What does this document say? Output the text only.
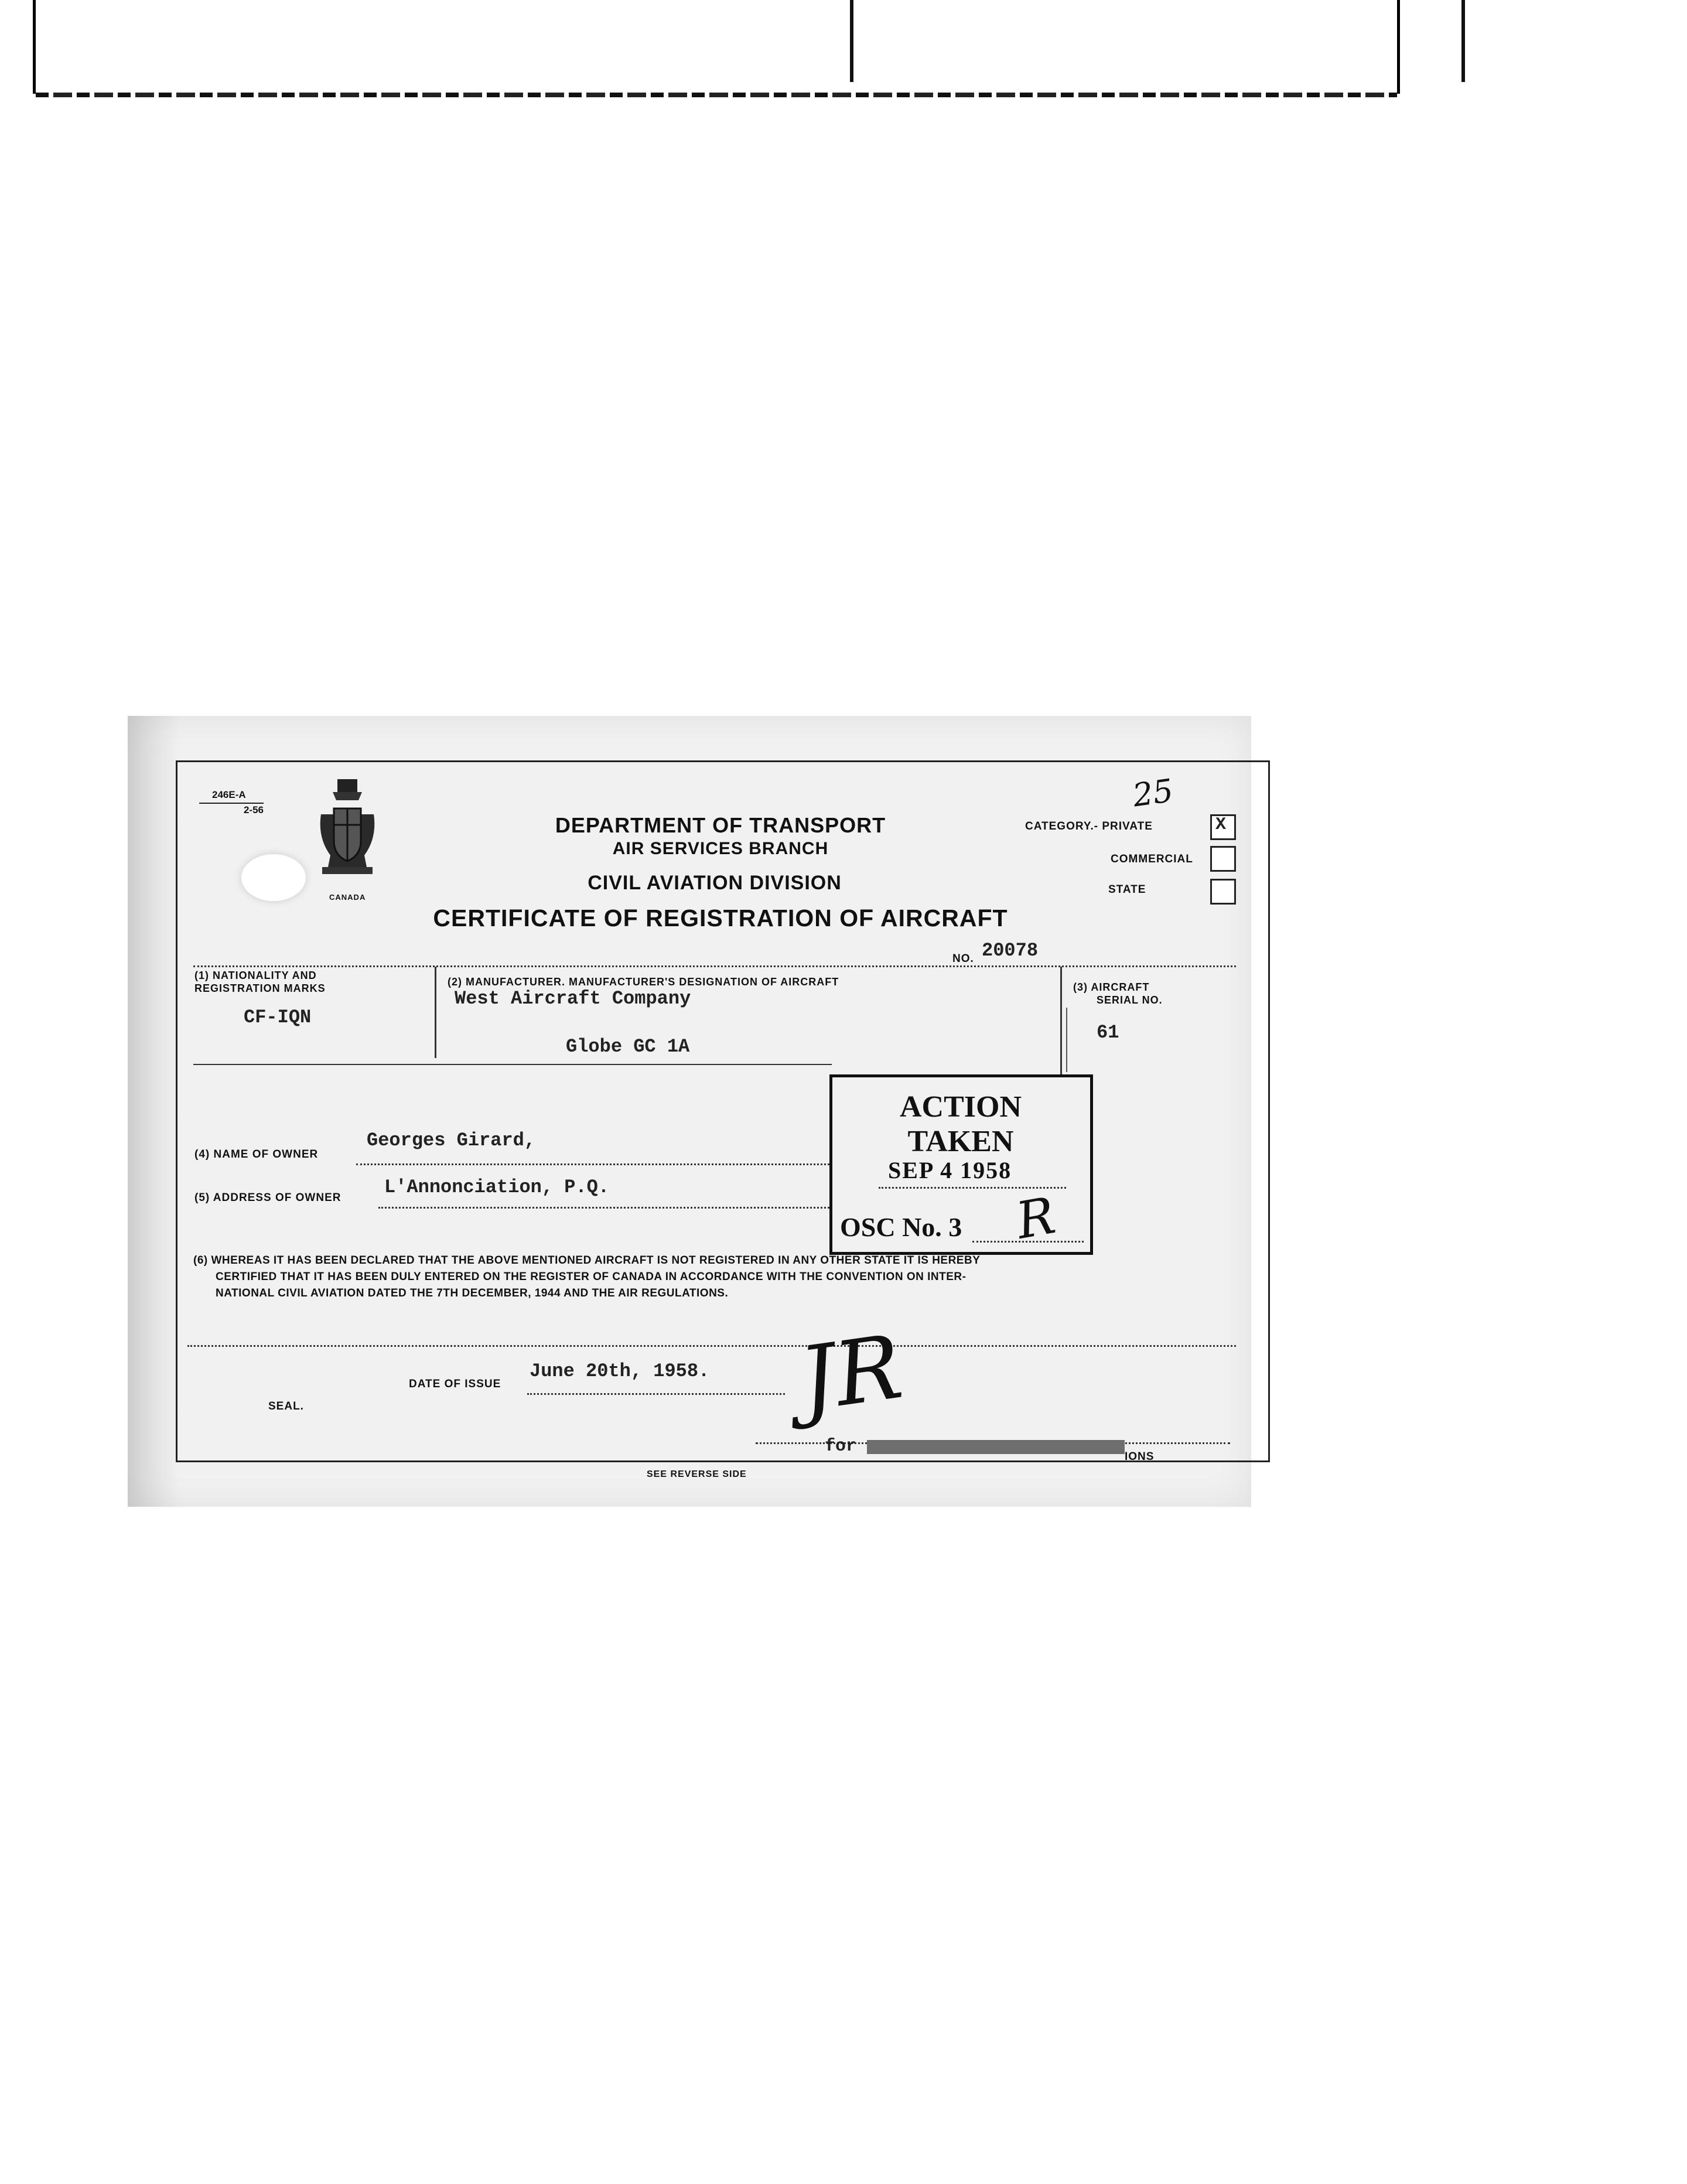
246E-A
2-56
CANADA
DEPARTMENT OF TRANSPORT
AIR SERVICES BRANCH
CIVIL AVIATION DIVISION
CERTIFICATE OF REGISTRATION OF AIRCRAFT
CATEGORY.- PRIVATE	X
COMMERCIAL
STATE
25
NO. 20078
(1) NATIONALITY AND
REGISTRATION MARKS
CF-IQN
(2) MANUFACTURER. MANUFACTURER'S DESIGNATION OF AIRCRAFT
West Aircraft Company
Globe GC 1A
(3) AIRCRAFT
SERIAL NO.
61
(4) NAME OF OWNER
Georges Girard,
(5) ADDRESS OF OWNER L'Annonciation, P.Q.
(6) WHEREAS IT HAS BEEN DECLARED THAT THE ABOVE MENTIONED AIRCRAFT IS NOT REGISTERED IN ANY OTHER STATE IT IS HEREBY
CERTIFIED THAT IT HAS BEEN DULY ENTERED ON THE REGISTER OF CANADA IN ACCORDANCE WITH THE CONVENTION ON INTER-
NATIONAL CIVIL AVIATION DATED THE 7TH DECEMBER, 1944 AND THE AIR REGULATIONS.
DATE OF ISSUE
June 20th, 1958.
SEAL.	JR
for
IONS
SEE REVERSE SIDE
ACTION TAKEN
SEP 4 1958
OSC No. 3 R
